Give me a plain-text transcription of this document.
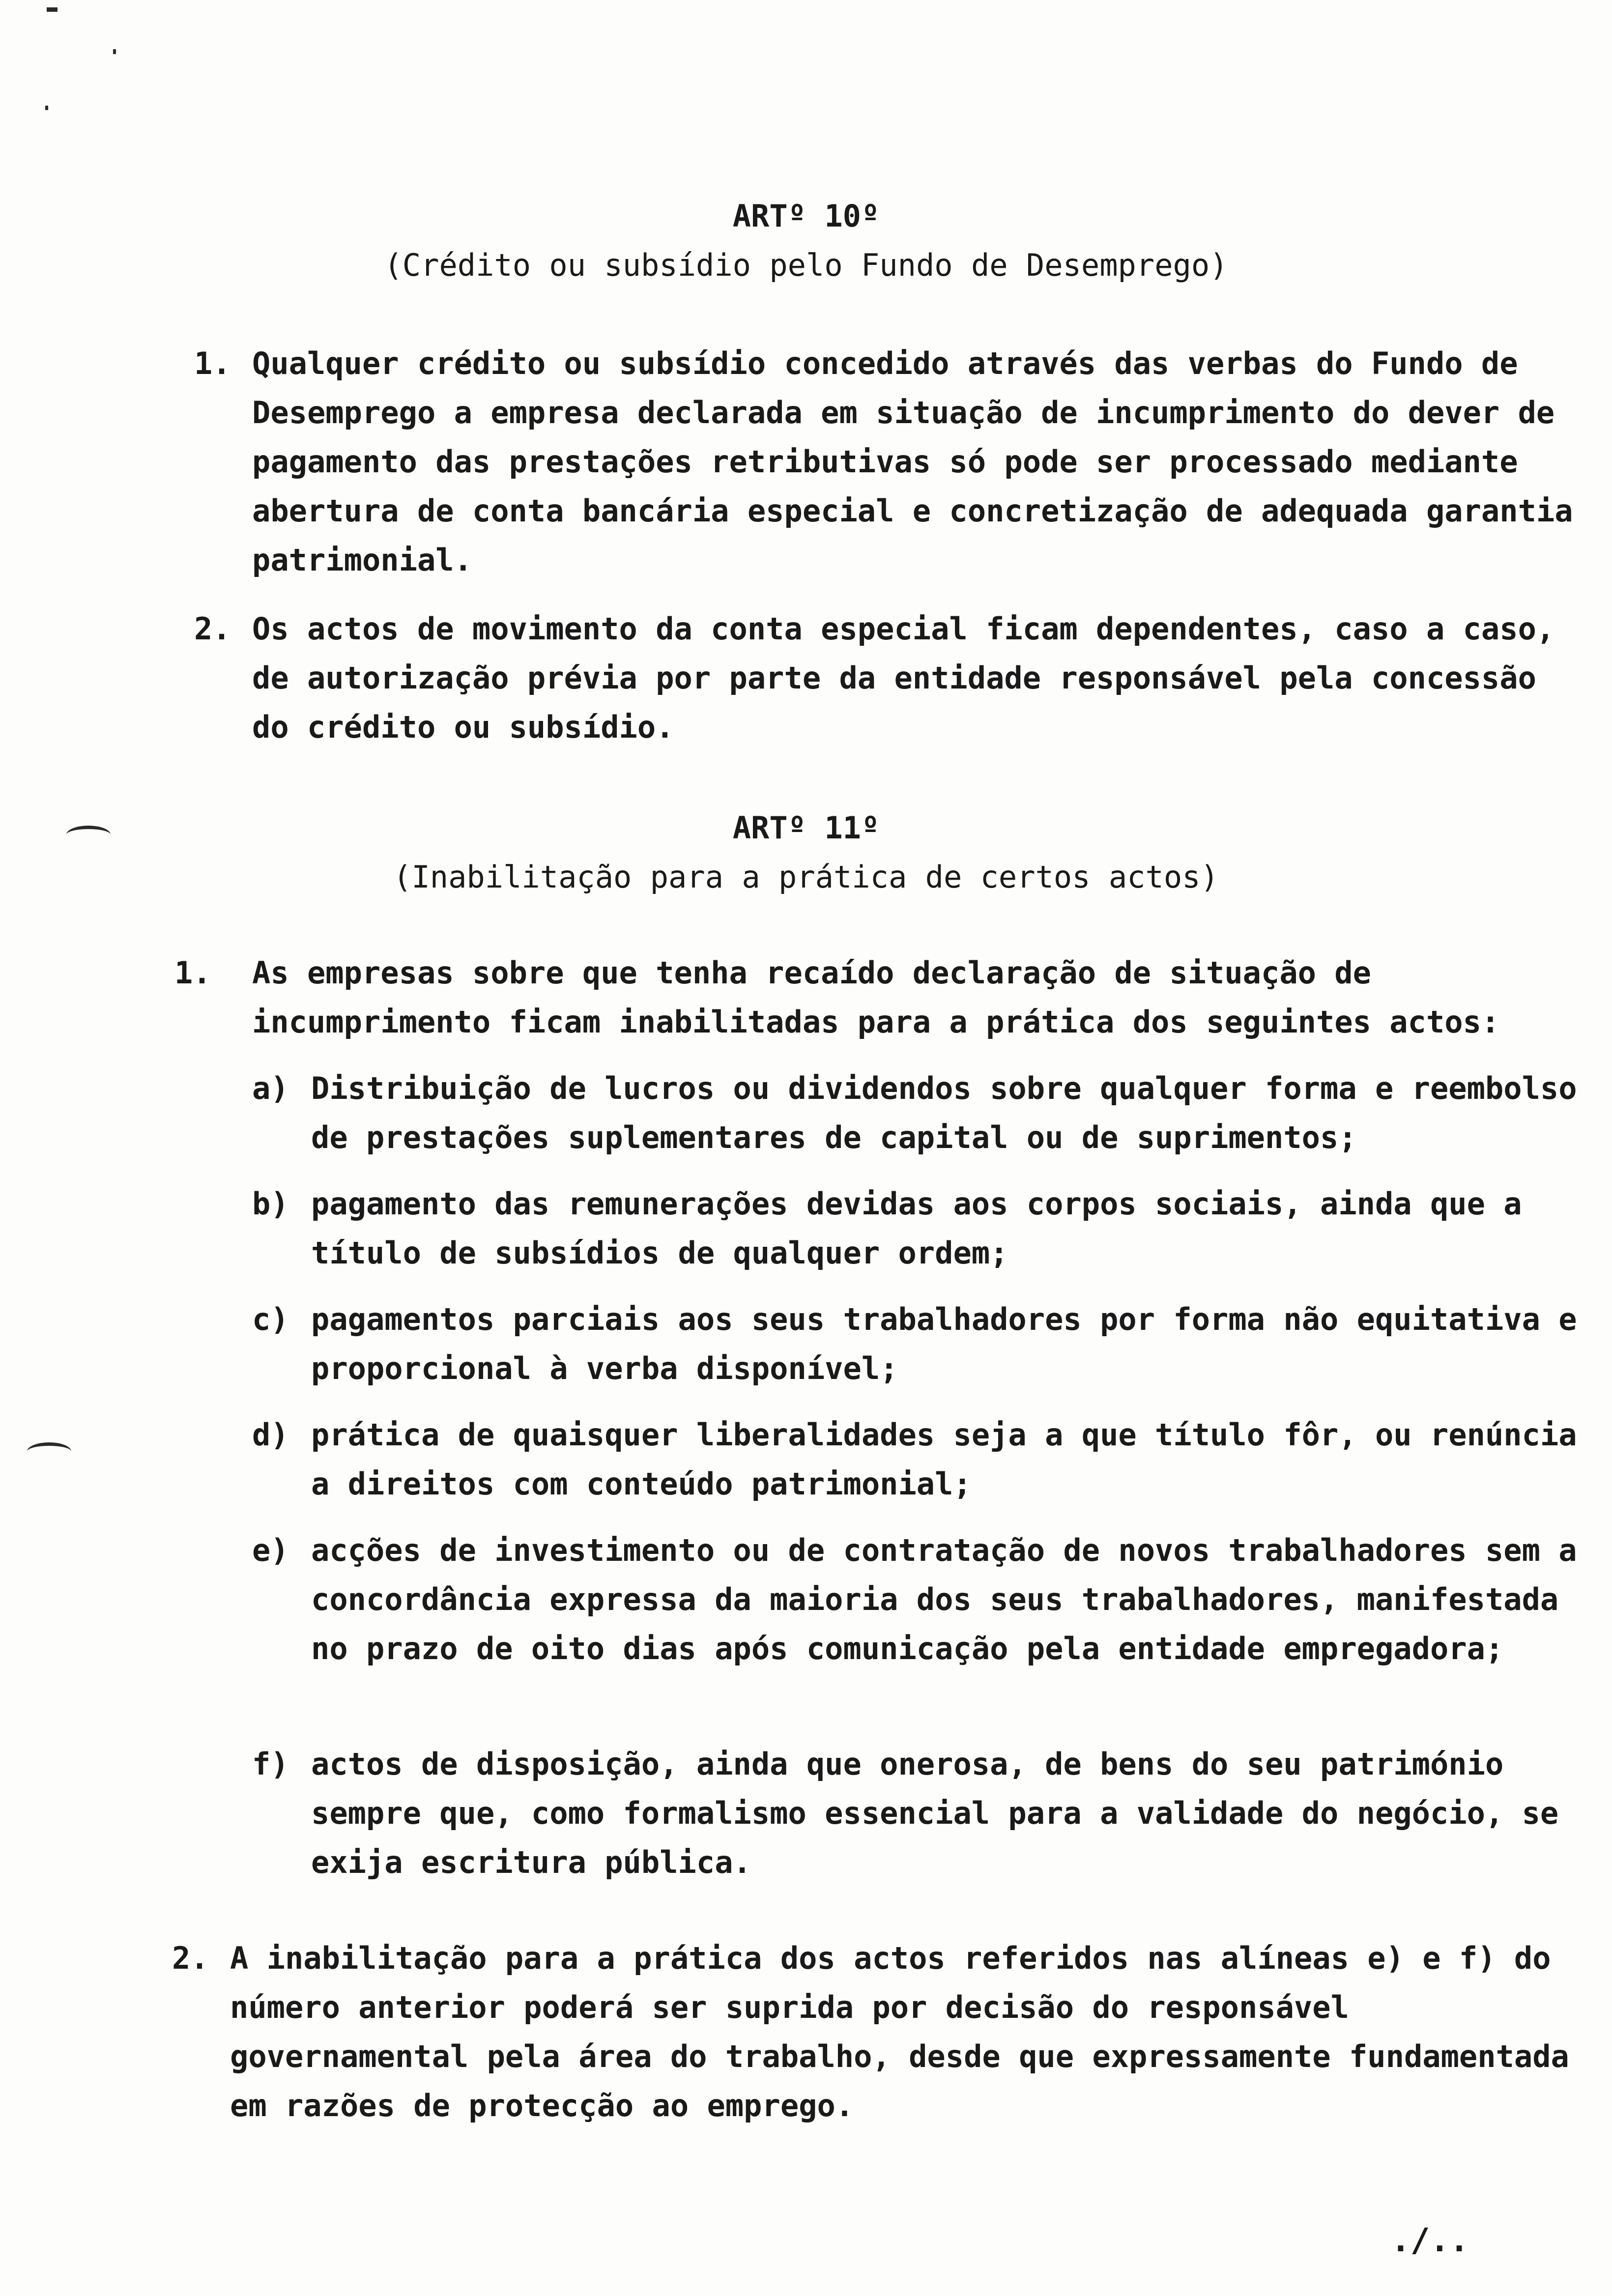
ARTº 10º
(Crédito ou subsídio pelo Fundo de Desemprego)
1. Qualquer crédito ou subsídio concedido através das verbas do Fundo de Desemprego a empresa declarada em situação de incumprimento do dever de pagamento das prestações retributivas só pode ser processado mediante abertura de conta bancária especial e concretização de adequada garantia patrimonial.
2. Os actos de movimento da conta especial ficam dependentes, caso a caso, de autorização prévia por parte da entidade responsável pela concessão do crédito ou subsídio.
ARTº 11º
(Inabilitação para a prática de certos actos)
1. As empresas sobre que tenha recaído declaração de situação de incumprimento ficam inabilitadas para a prática dos seguintes actos:
a) Distribuição de lucros ou dividendos sobre qualquer forma e reembolso de prestações suplementares de capital ou de suprimentos;
b) pagamento das remunerações devidas aos corpos sociais, ainda que a título de subsídios de qualquer ordem;
c) pagamentos parciais aos seus trabalhadores por forma não equitativa e proporcional à verba disponível;
d) prática de quaisquer liberalidades seja a que título fôr, ou renúncia a direitos com conteúdo patrimonial;
e) acções de investimento ou de contratação de novos trabalhadores sem a concordância expressa da maioria dos seus trabalhadores, manifestada no prazo de oito dias após comunicação pela entidade empregadora;
f) actos de disposição, ainda que onerosa, de bens do seu património sempre que, como formalismo essencial para a validade do negócio, se exija escritura pública.
2. A inabilitação para a prática dos actos referidos nas alíneas e) e f) do número anterior poderá ser suprida por decisão do responsável governamental pela área do trabalho, desde que expressamente fundamentada em razões de protecção ao emprego.
./..
